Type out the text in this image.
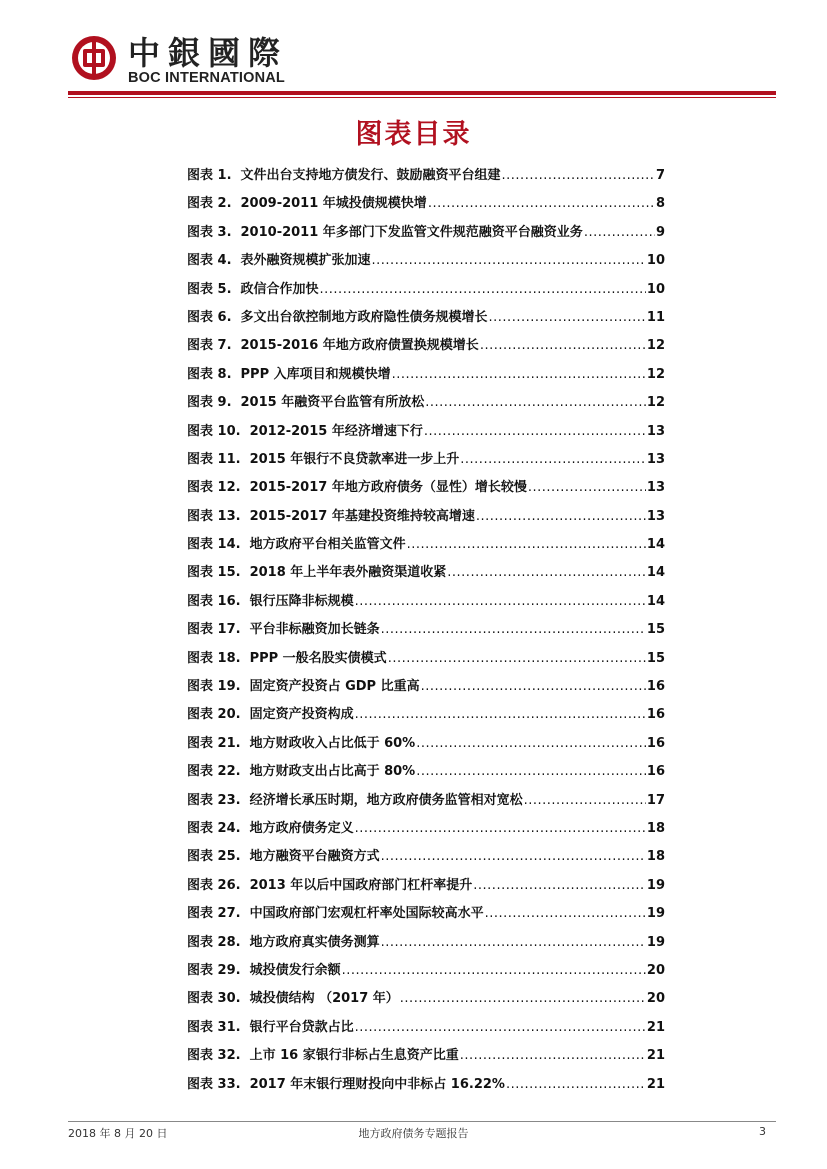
中銀國際
BOC INTERNATIONAL
图表目录
图表 1. 文件出台支持地方债发行、鼓励融资平台组建 .....	7
图表 2. 2009-2011 年城投债规模快增 .....	8
图表 3. 2010-2011 年多部门下发监管文件规范融资平台融资业务 .....	9
图表 4. 表外融资规模扩张加速 .....	10
图表 5. 政信合作加快 .....	10
图表 6. 多文出台欲控制地方政府隐性债务规模增长 .....	11
图表 7. 2015-2016 年地方政府债置换规模增长 .....	12
图表 8. PPP 入库项目和规模快增 .....	12
图表 9. 2015 年融资平台监管有所放松 .....	12
图表 10. 2012-2015 年经济增速下行 .....	13
图表 11. 2015 年银行不良贷款率进一步上升 .....	13
图表 12. 2015-2017 年地方政府债务（显性）增长较慢 .....	13
图表 13. 2015-2017 年基建投资维持较高增速 .....	13
图表 14. 地方政府平台相关监管文件 .....	14
图表 15. 2018 年上半年表外融资渠道收紧 .....	14
图表 16. 银行压降非标规模 .....	14
图表 17. 平台非标融资加长链条 .....	15
图表 18. PPP 一般名股实债模式 .....	15
图表 19. 固定资产投资占 GDP 比重高 .....	16
图表 20. 固定资产投资构成 .....	16
图表 21. 地方财政收入占比低于 60% .....	16
图表 22. 地方财政支出占比高于 80% .....	16
图表 23. 经济增长承压时期，地方政府债务监管相对宽松 .....	17
图表 24. 地方政府债务定义 .....	18
图表 25. 地方融资平台融资方式 .....	18
图表 26. 2013 年以后中国政府部门杠杆率提升 .....	19
图表 27. 中国政府部门宏观杠杆率处国际较高水平 .....	19
图表 28. 地方政府真实债务测算 .....	19
图表 29. 城投债发行余额 .....	20
图表 30. 城投债结构 （2017 年） .....	20
图表 31. 银行平台贷款占比 .....	21
图表 32. 上市 16 家银行非标占生息资产比重 .....	21
图表 33. 2017 年末银行理财投向中非标占 16.22% .....	21
2018 年 8 月 20 日	地方政府债务专题报告	3
